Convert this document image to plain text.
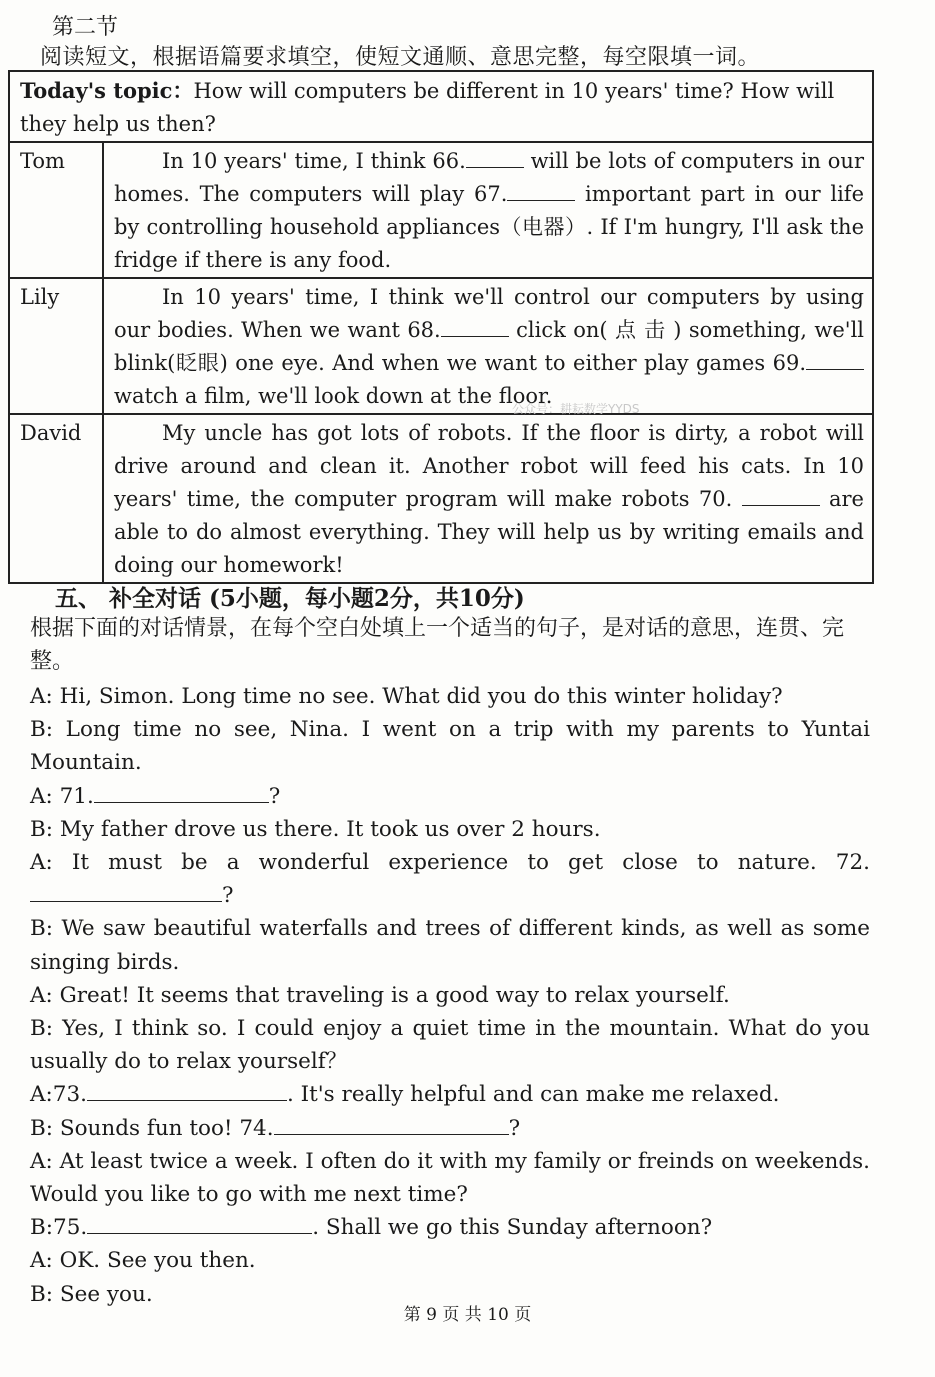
第二节
阅读短文，根据语篇要求填空，使短文通顺、意思完整，每空限填一词。
Today's topic：How will computers be different in 10 years' time? How will they help us then?	
Tom	In 10 years' time, I think 66. will be lots of computers in our homes. The computers will play 67. important part in our life by controlling household appliances（电器）. If I'm hungry, I'll ask the fridge if there is any food.

Lily	In 10 years' time, I think we'll control our computers by using our bodies. When we want 68. click on( 点 击 ) something, we'll blink(眨眼) one eye. And when we want to either play games 69. watch a film, we'll look down at the floor.

David	My uncle has got lots of robots. If the floor is dirty, a robot will drive around and clean it. Another robot will feed his cats. In 10 years' time, the computer program will make robots 70. are able to do almost everything. They will help us by writing emails and doing our homework!

公众号：耕耘数学YYDS
五、 补全对话 (5小题，每小题2分，共10分)
根据下面的对话情景，在每个空白处填上一个适当的句子，是对话的意思，连贯、完整。

A: Hi, Simon. Long time no see. What did you do this winter holiday?

B: Long time no see, Nina. I went on a trip with my parents to Yuntai Mountain.

A: 71.	?

B: My father drove us there. It took us over 2 hours.

A: It must be a wonderful experience to get close to nature. 72.?

B: We saw beautiful waterfalls and trees of different kinds, as well as some singing birds.

A: Great! It seems that traveling is a good way to relax yourself.

B: Yes, I think so. I could enjoy a quiet time in the mountain. What do you usually do to relax yourself？

A:73.	. It's really helpful and can make me relaxed.

B: Sounds fun too! 74.	?

A: At least twice a week. I often do it with my family or freinds on weekends. Would you like to go with me next time?

B:75.	. Shall we go this Sunday afternoon?

A: OK. See you then.

B: See you.

第 9 页 共 10 页
